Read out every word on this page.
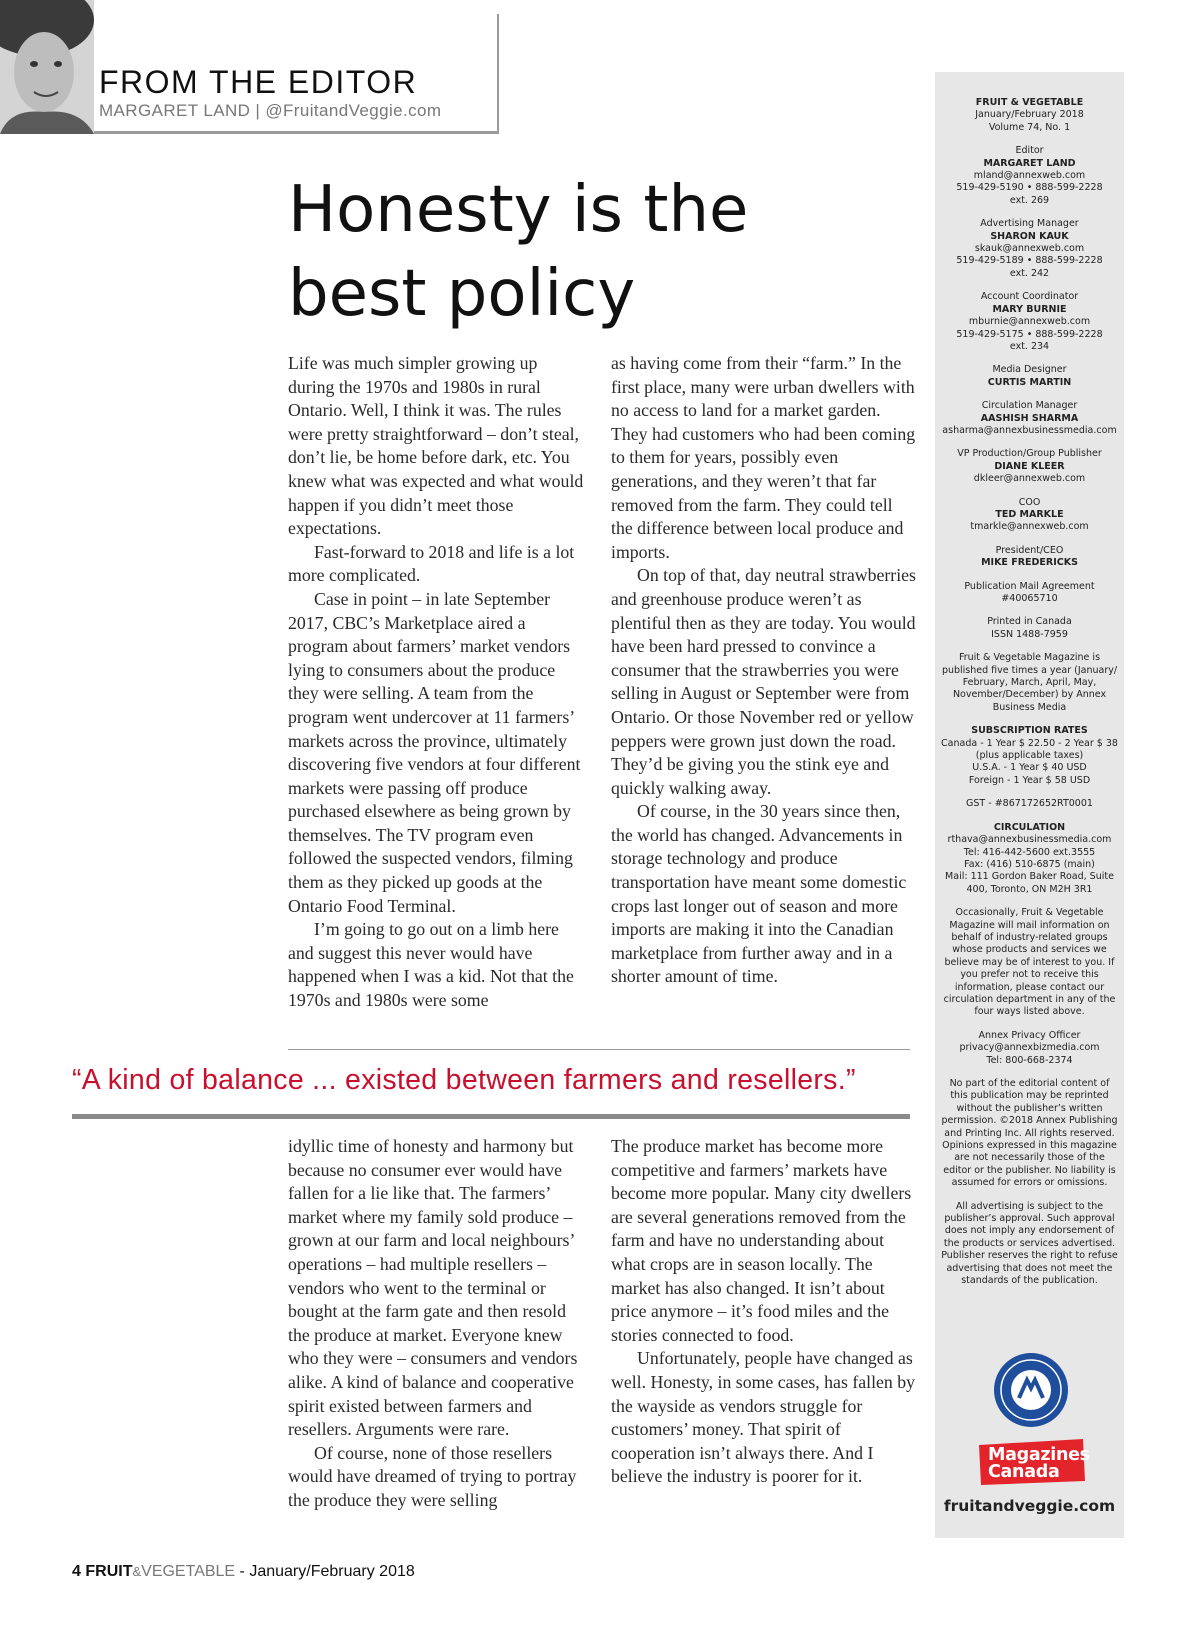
FROM THE EDITOR
MARGARET LAND | @FruitandVeggie.com
Honesty is the
best policy

Life was much simpler growing up during the 1970s and 1980s in rural Ontario. Well, I think it was. The rules were pretty straightforward – don’t steal, don’t lie, be home before dark, etc. You knew what was expected and what would happen if you didn’t meet those expectations.

Fast-forward to 2018 and life is a lot more complicated.

Case in point – in late September 2017, CBC’s Marketplace aired a program about farmers’ market vendors lying to consumers about the produce they were selling. A team from the program went undercover at 11 farmers’ markets across the province, ultimately discovering five vendors at four different markets were passing off produce purchased elsewhere as being grown by themselves. The TV program even followed the suspected vendors, filming them as they picked up goods at the Ontario Food Terminal.

I’m going to go out on a limb here and suggest this never would have happened when I was a kid. Not that the 1970s and 1980s were some

as having come from their “farm.” In the first place, many were urban dwellers with no access to land for a market garden. They had customers who had been coming to them for years, possibly even generations, and they weren’t that far removed from the farm. They could tell the difference between local produce and imports.

On top of that, day neutral strawberries and greenhouse produce weren’t as plentiful then as they are today. You would have been hard pressed to convince a consumer that the strawberries you were selling in August or September were from Ontario. Or those November red or yellow peppers were grown just down the road. They’d be giving you the stink eye and quickly walking away.

Of course, in the 30 years since then, the world has changed. Advancements in storage technology and produce transportation have meant some domestic crops last longer out of season and more imports are making it into the Canadian marketplace from further away and in a shorter amount of time.

“A kind of balance ... existed between farmers and resellers.”

idyllic time of honesty and harmony but because no consumer ever would have fallen for a lie like that. The farmers’ market where my family sold produce – grown at our farm and local neighbours’ operations – had multiple resellers – vendors who went to the terminal or bought at the farm gate and then resold the produce at market. Everyone knew who they were – consumers and vendors alike. A kind of balance and cooperative spirit existed between farmers and resellers. Arguments were rare.

Of course, none of those resellers would have dreamed of trying to portray the produce they were selling

The produce market has become more competitive and farmers’ markets have become more popular. Many city dwellers are several generations removed from the farm and have no understanding about what crops are in season locally. The market has also changed. It isn’t about price anymore – it’s food miles and the stories connected to food.

Unfortunately, people have changed as well. Honesty, in some cases, has fallen by the wayside as vendors struggle for customers’ money. That spirit of cooperation isn’t always there. And I believe the industry is poorer for it.

FRUIT & VEGETABLE
January/February 2018
Volume 74, No. 1
Editor
MARGARET LAND
mland@annexweb.com
519-429-5190 • 888-599-2228
ext. 269
Advertising Manager
SHARON KAUK
skauk@annexweb.com
519-429-5189 • 888-599-2228
ext. 242
Account Coordinator
MARY BURNIE
mburnie@annexweb.com
519-429-5175 • 888-599-2228
ext. 234
Media Designer
CURTIS MARTIN
Circulation Manager
AASHISH SHARMA
asharma@annexbusinessmedia.com
VP Production/Group Publisher
DIANE KLEER
dkleer@annexweb.com
COO
TED MARKLE
tmarkle@annexweb.com
President/CEO
MIKE FREDERICKS
Publication Mail Agreement
#40065710
Printed in Canada
ISSN 1488-7959
Fruit & Vegetable Magazine is published five times a year (January/ February, March, April, May, November/December) by Annex Business Media
SUBSCRIPTION RATES
Canada - 1 Year $ 22.50 - 2 Year $ 38
(plus applicable taxes)
U.S.A. - 1 Year $ 40 USD
Foreign - 1 Year $ 58 USD
GST - #867172652RT0001
CIRCULATION
rthava@annexbusinessmedia.com
Tel: 416-442-5600 ext.3555
Fax: (416) 510-6875 (main)
Mail: 111 Gordon Baker Road, Suite 400, Toronto, ON M2H 3R1
Occasionally, Fruit & Vegetable Magazine will mail information on behalf of industry-related groups whose products and services we believe may be of interest to you. If you prefer not to receive this information, please contact our circulation department in any of the four ways listed above.
Annex Privacy Officer
privacy@annexbizmedia.com
Tel: 800-668-2374
No part of the editorial content of this publication may be reprinted without the publisher’s written permission. ©2018 Annex Publishing and Printing Inc. All rights reserved. Opinions expressed in this magazine are not necessarily those of the editor or the publisher. No liability is assumed for errors or omissions.
All advertising is subject to the publisher’s approval. Such approval does not imply any endorsement of the products or services advertised. Publisher reserves the right to refuse advertising that does not meet the standards of the publication.
Magazines
Canada
fruitandveggie.com
4 FRUIT&VEGETABLE - January/February 2018
